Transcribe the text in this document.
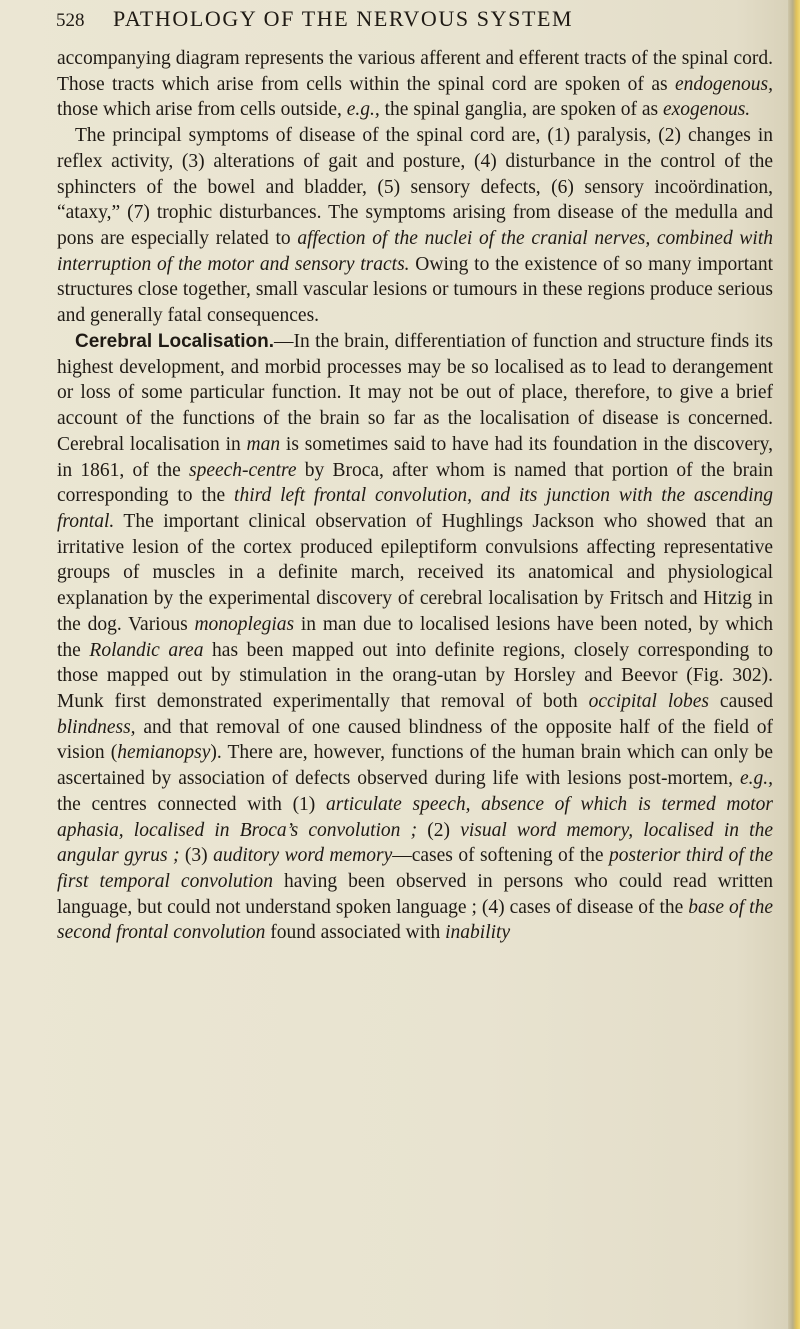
528 PATHOLOGY OF THE NERVOUS SYSTEM

accompanying diagram represents the various afferent and efferent tracts of the spinal cord. Those tracts which arise from cells within the spinal cord are spoken of as endogenous, those which arise from cells outside, e.g., the spinal ganglia, are spoken of as exogenous.

The principal symptoms of disease of the spinal cord are, (1) paralysis, (2) changes in reflex activity, (3) alterations of gait and posture, (4) disturbance in the control of the sphincters of the bowel and bladder, (5) sensory defects, (6) sensory incoördination, “ataxy,” (7) trophic disturbances. The symptoms arising from disease of the medulla and pons are especially related to affection of the nuclei of the cranial nerves, combined with interruption of the motor and sensory tracts. Owing to the existence of so many important structures close together, small vascular lesions or tumours in these regions produce serious and generally fatal consequences.

Cerebral Localisation.—In the brain, differentiation of function and structure finds its highest development, and morbid processes may be so localised as to lead to derangement or loss of some particular function. It may not be out of place, therefore, to give a brief account of the functions of the brain so far as the localisation of disease is concerned. Cerebral localisation in man is sometimes said to have had its foundation in the discovery, in 1861, of the speech-centre by Broca, after whom is named that portion of the brain corresponding to the third left frontal convolution, and its junction with the ascending frontal. The important clinical observation of Hughlings Jackson who showed that an irritative lesion of the cortex produced epileptiform convulsions affecting representative groups of muscles in a definite march, received its anatomical and physiological explanation by the experimental discovery of cerebral localisation by Fritsch and Hitzig in the dog. Various monoplegias in man due to localised lesions have been noted, by which the Rolandic area has been mapped out into definite regions, closely corresponding to those mapped out by stimulation in the orang-utan by Horsley and Beevor (Fig. 302). Munk first demonstrated experimentally that removal of both occipital lobes caused blindness, and that removal of one caused blindness of the opposite half of the field of vision (hemianopsy). There are, however, functions of the human brain which can only be ascertained by association of defects observed during life with lesions post-mortem, e.g., the centres connected with (1) articulate speech, absence of which is termed motor aphasia, localised in Broca’s convolution ; (2) visual word memory, localised in the angular gyrus ; (3) auditory word memory—cases of softening of the posterior third of the first temporal convolution having been observed in persons who could read written language, but could not understand spoken language ; (4) cases of disease of the base of the second frontal convolution found associated with inability
